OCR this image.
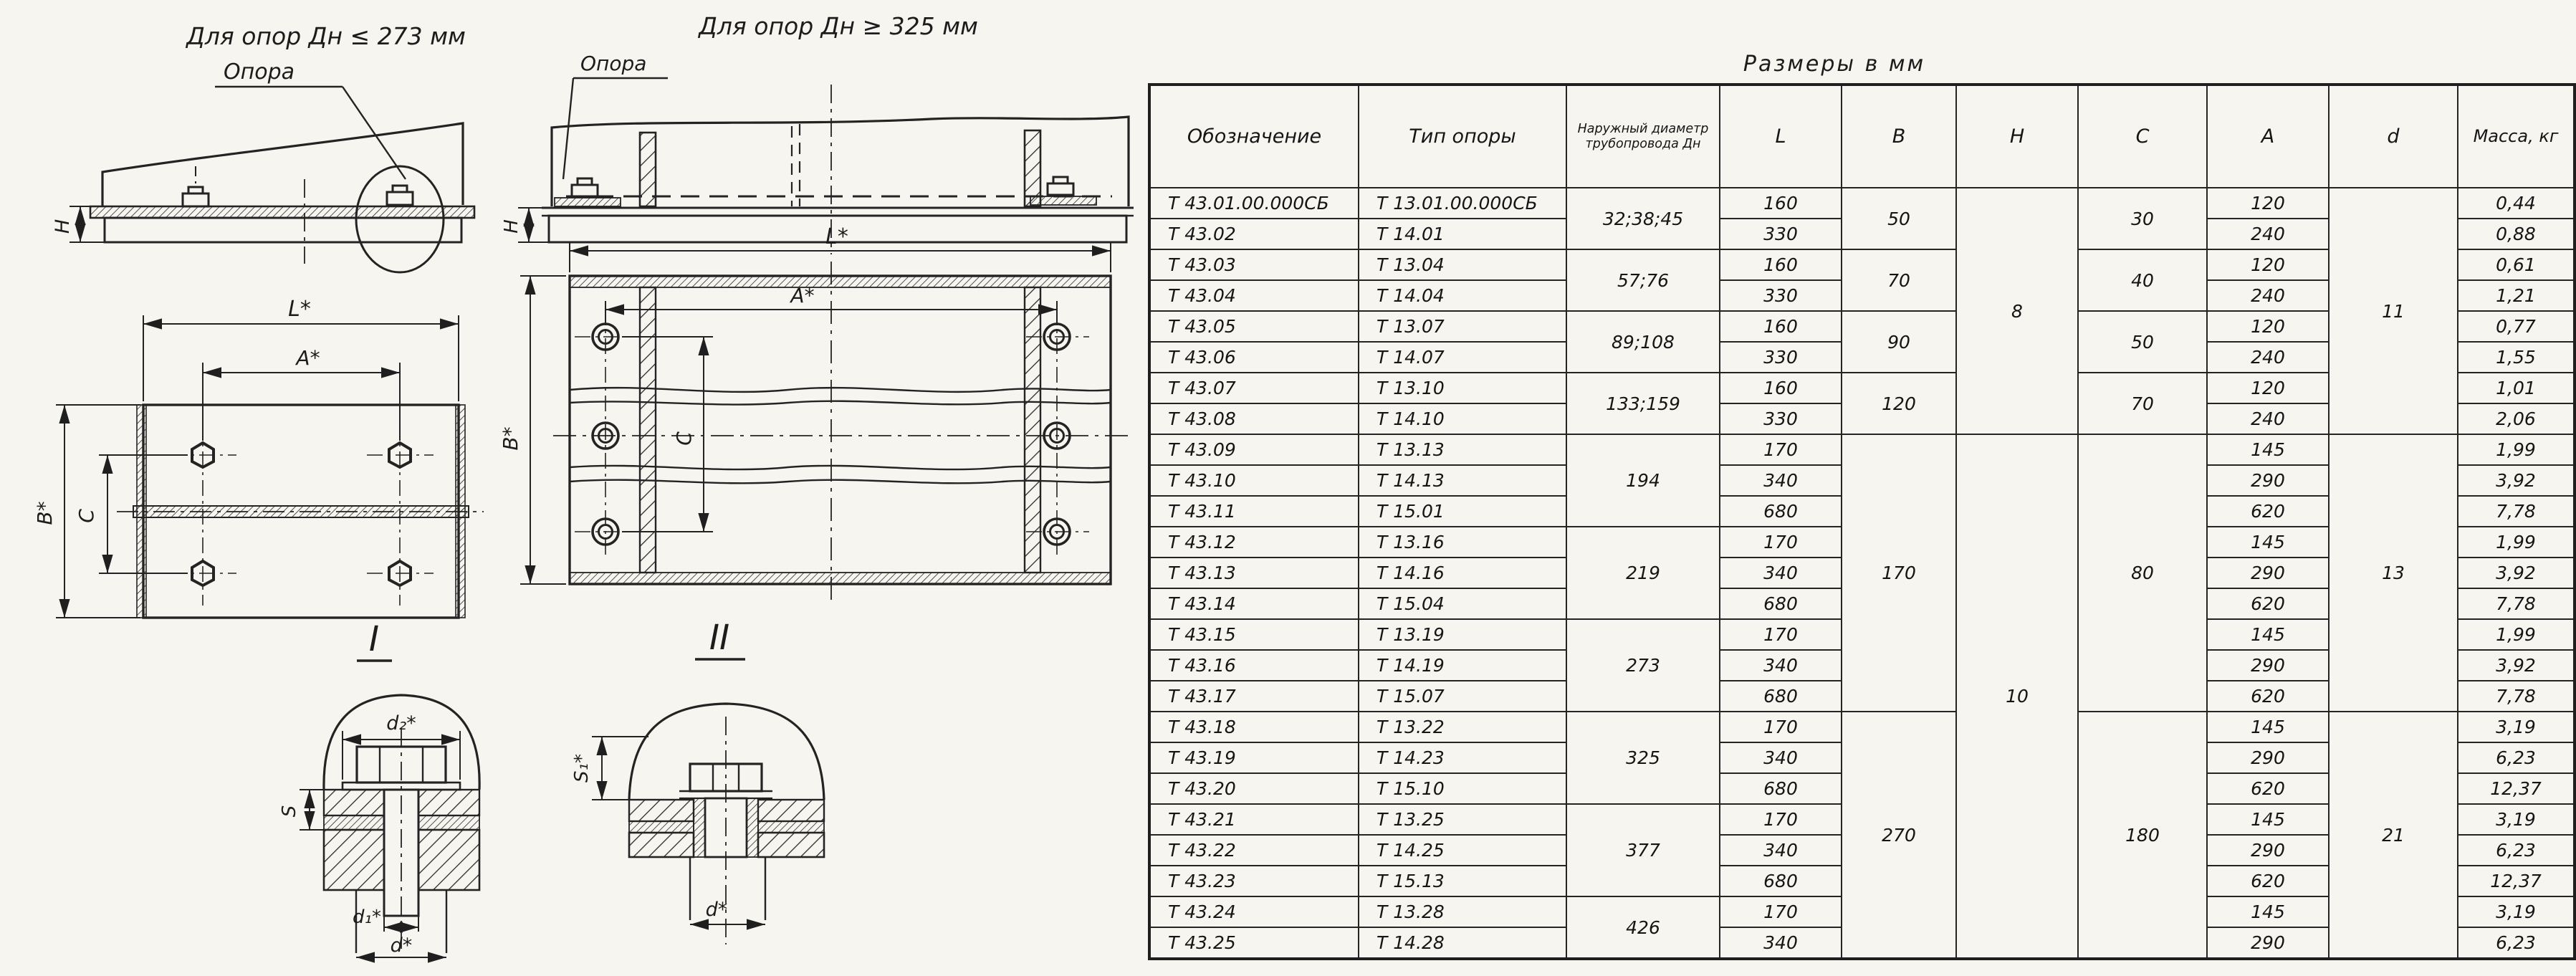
Для опор Дн ≤ 273 мм
Опора
Н
Для опор Дн ≥ 325 мм
Опора
Н
L*
А*
В* С
I
L*
А*
В*	С
II
d₂*
S
d₁*
d*
S₁*
d*
Размеры в мм
Обозначение	Тип опоры	Наружный диаметр трубопровода Дн	L	В	Н	С	А	d	Масса, кг
Т 43.01.00.000СБ	Т 13.01.00.000СБ	32;38;45	160	50	8	30	120	11	0,44
Т 43.02	Т 14.01		330				240		0,88
Т 43.03	Т 13.04	57;76	160	70		40	120		0,61
Т 43.04	Т 14.04		330				240		1,21
Т 43.05	Т 13.07	89;108	160	90		50	120		0,77
Т 43.06	Т 14.07		330				240		1,55
Т 43.07	Т 13.10	133;159	160	120		70	120		1,01
Т 43.08	Т 14.10		330				240		2,06
Т 43.09	Т 13.13	194	170	170	10	80	145	13	1,99
Т 43.10	Т 14.13		340				290		3,92
Т 43.11	Т 15.01		680				620		7,78
Т 43.12	Т 13.16	219	170				145		1,99
Т 43.13	Т 14.16		340				290		3,92
Т 43.14	Т 15.04		680				620		7,78
Т 43.15	Т 13.19	273	170				145		1,99
Т 43.16	Т 14.19		340				290		3,92
Т 43.17	Т 15.07		680				620		7,78
Т 43.18	Т 13.22	325	170	270		180	145	21	3,19
Т 43.19	Т 14.23		340				290		6,23
Т 43.20	Т 15.10		680				620		12,37
Т 43.21	Т 13.25	377	170				145		3,19
Т 43.22	Т 14.25		340				290		6,23
Т 43.23	Т 15.13		680				620		12,37
Т 43.24	Т 13.28	426	170				145		3,19
Т 43.25	Т 14.28		340				290		6,23
